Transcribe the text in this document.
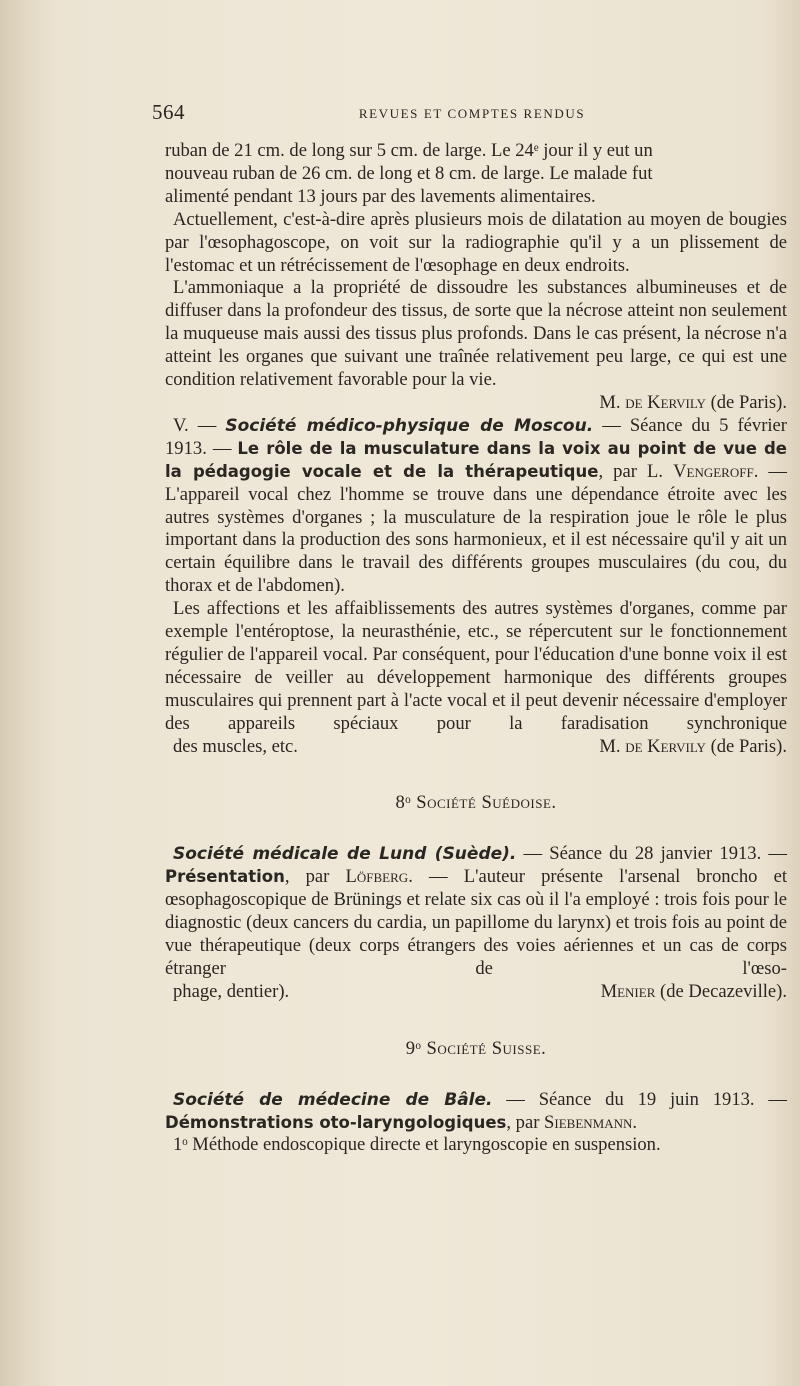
564	REVUES ET COMPTES RENDUS

ruban de 21 cm. de long sur 5 cm. de large. Le 24ᵉ jour il y eut un
nouveau ruban de 26 cm. de long et 8 cm. de large. Le malade fut
alimenté pendant 13 jours par des lavements alimentaires.

Actuellement, c'est-à-dire après plusieurs mois de dilatation au moyen de bougies par l'œsophagoscope, on voit sur la radiographie qu'il y a un plissement de l'estomac et un rétrécissement de l'œsophage en deux endroits.

L'ammoniaque a la propriété de dissoudre les substances albumineuses et de diffuser dans la profondeur des tissus, de sorte que la nécrose atteint non seulement la muqueuse mais aussi des tissus plus profonds. Dans le cas présent, la nécrose n'a atteint les organes que suivant une traînée relativement peu large, ce qui est une condition relativement favorable pour la vie.

M. de Kervily (de Paris).

V. — Société médico-physique de Moscou. — Séance du 5 février 1913. — Le rôle de la musculature dans la voix au point de vue de la pédagogie vocale et de la thérapeutique, par L. Vengeroff. — L'appareil vocal chez l'homme se trouve dans une dépendance étroite avec les autres systèmes d'organes ; la musculature de la respiration joue le rôle le plus important dans la production des sons harmonieux, et il est nécessaire qu'il y ait un certain équilibre dans le travail des différents groupes musculaires (du cou, du thorax et de l'abdomen).

Les affections et les affaiblissements des autres systèmes d'organes, comme par exemple l'entéroptose, la neurasthénie, etc., se répercutent sur le fonctionnement régulier de l'appareil vocal. Par conséquent, pour l'éducation d'une bonne voix il est nécessaire de veiller au développement harmonique des différents groupes musculaires qui prennent part à l'acte vocal et il peut devenir nécessaire d'employer des appareils spéciaux pour la faradisation synchronique des muscles, etc.	M. de Kervily (de Paris).

8ᵒ Société Suédoise.

Société médicale de Lund (Suède). — Séance du 28 janvier 1913. — Présentation, par Löfberg. — L'auteur présente l'arsenal broncho et œsophagoscopique de Brünings et relate six cas où il l'a employé : trois fois pour le diagnostic (deux cancers du cardia, un papillome du larynx) et trois fois au point de vue thérapeutique (deux corps étrangers des voies aériennes et un cas de corps étranger de l'œso- phage, dentier).	Menier (de Decazeville).

9ᵒ Société Suisse.

Société de médecine de Bâle. — Séance du 19 juin 1913. — Démonstrations oto-laryngologiques, par Siebenmann.

1ᵒ Méthode endoscopique directe et laryngoscopie en suspension.
